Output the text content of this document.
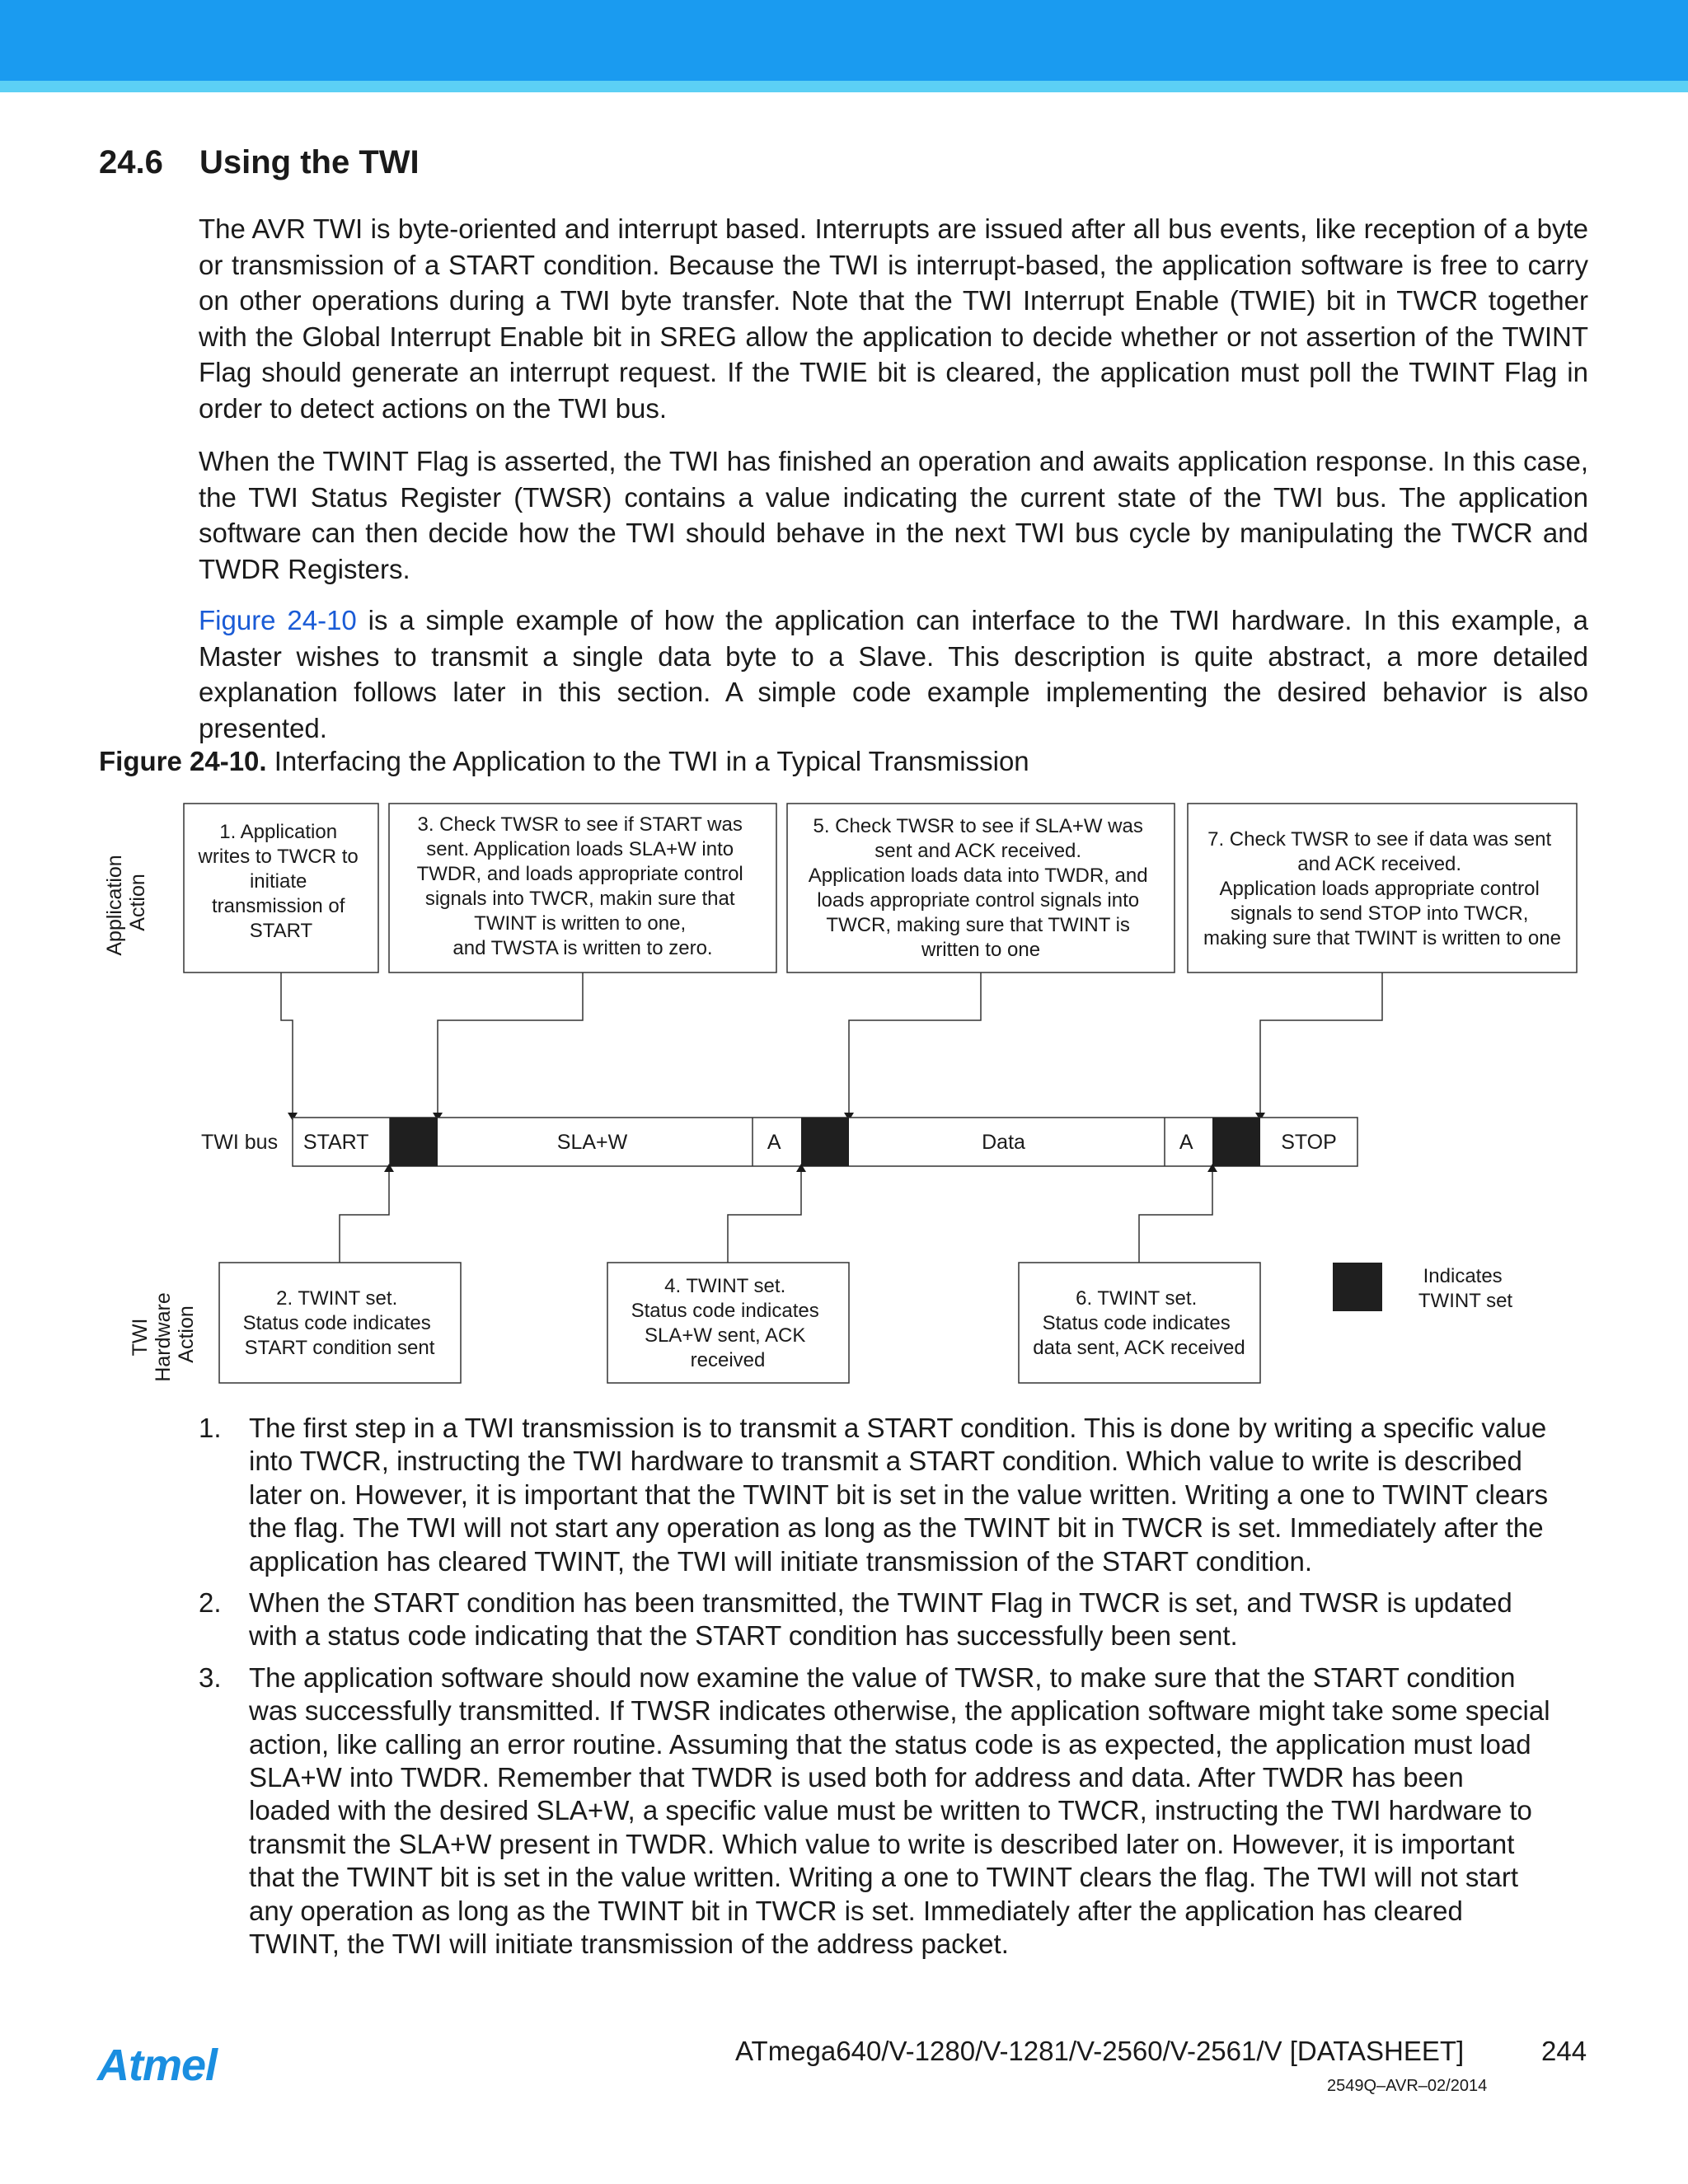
24.6 Using the TWI
The AVR TWI is byte-oriented and interrupt based. Interrupts are issued after all bus events, like reception of a byte or transmission of a START condition. Because the TWI is interrupt-based, the application software is free to carry on other operations during a TWI byte transfer. Note that the TWI Interrupt Enable (TWIE) bit in TWCR together with the Global Interrupt Enable bit in SREG allow the application to decide whether or not assertion of the TWINT Flag should generate an interrupt request. If the TWIE bit is cleared, the application must poll the TWINT Flag in order to detect actions on the TWI bus.
When the TWINT Flag is asserted, the TWI has finished an operation and awaits application response. In this case, the TWI Status Register (TWSR) contains a value indicating the current state of the TWI bus. The application software can then decide how the TWI should behave in the next TWI bus cycle by manipulating the TWCR and TWDR Registers.
Figure 24-10 is a simple example of how the application can interface to the TWI hardware. In this example, a Master wishes to transmit a single data byte to a Slave. This description is quite abstract, a more detailed explanation follows later in this section. A simple code example implementing the desired behavior is also presented.
Figure 24-10. Interfacing the Application to the TWI in a Typical Transmission
Application Action
TWI Hardware Action
1. Application writes to TWCR to initiate transmission of START
3. Check TWSR to see if START was sent. Application loads SLA+W into TWDR, and loads appropriate control signals into TWCR, makin sure that TWINT is written to one, and TWSTA is written to zero.
5. Check TWSR to see if SLA+W was sent and ACK received. Application loads data into TWDR, and loads appropriate control signals into TWCR, making sure that TWINT is written to one
7. Check TWSR to see if data was sent and ACK received. Application loads appropriate control signals to send STOP into TWCR, making sure that TWINT is written to one
TWI bus START	SLA+W	A	Data	A	STOP
2. TWINT set. Status code indicates START condition sent
4. TWINT set. Status code indicates SLA+W sent, ACK received
6. TWINT set. Status code indicates data sent, ACK received
Indicates TWINT set
1. The first step in a TWI transmission is to transmit a START condition. This is done by writing a specific value into TWCR, instructing the TWI hardware to transmit a START condition. Which value to write is described later on. However, it is important that the TWINT bit is set in the value written. Writing a one to TWINT clears the flag. The TWI will not start any operation as long as the TWINT bit in TWCR is set. Immediately after the application has cleared TWINT, the TWI will initiate transmission of the START condition.
2. When the START condition has been transmitted, the TWINT Flag in TWCR is set, and TWSR is updated with a status code indicating that the START condition has successfully been sent.
3. The application software should now examine the value of TWSR, to make sure that the START condition was successfully transmitted. If TWSR indicates otherwise, the application software might take some special action, like calling an error routine. Assuming that the status code is as expected, the application must load SLA+W into TWDR. Remember that TWDR is used both for address and data. After TWDR has been loaded with the desired SLA+W, a specific value must be written to TWCR, instructing the TWI hardware to transmit the SLA+W present in TWDR. Which value to write is described later on. However, it is important that the TWINT bit is set in the value written. Writing a one to TWINT clears the flag. The TWI will not start any operation as long as the TWINT bit in TWCR is set. Immediately after the application has cleared TWINT, the TWI will initiate transmission of the address packet.
Atmel	ATmega640/V-1280/V-1281/V-2560/V-2561/V [DATASHEET]	244
2549Q–AVR–02/2014
